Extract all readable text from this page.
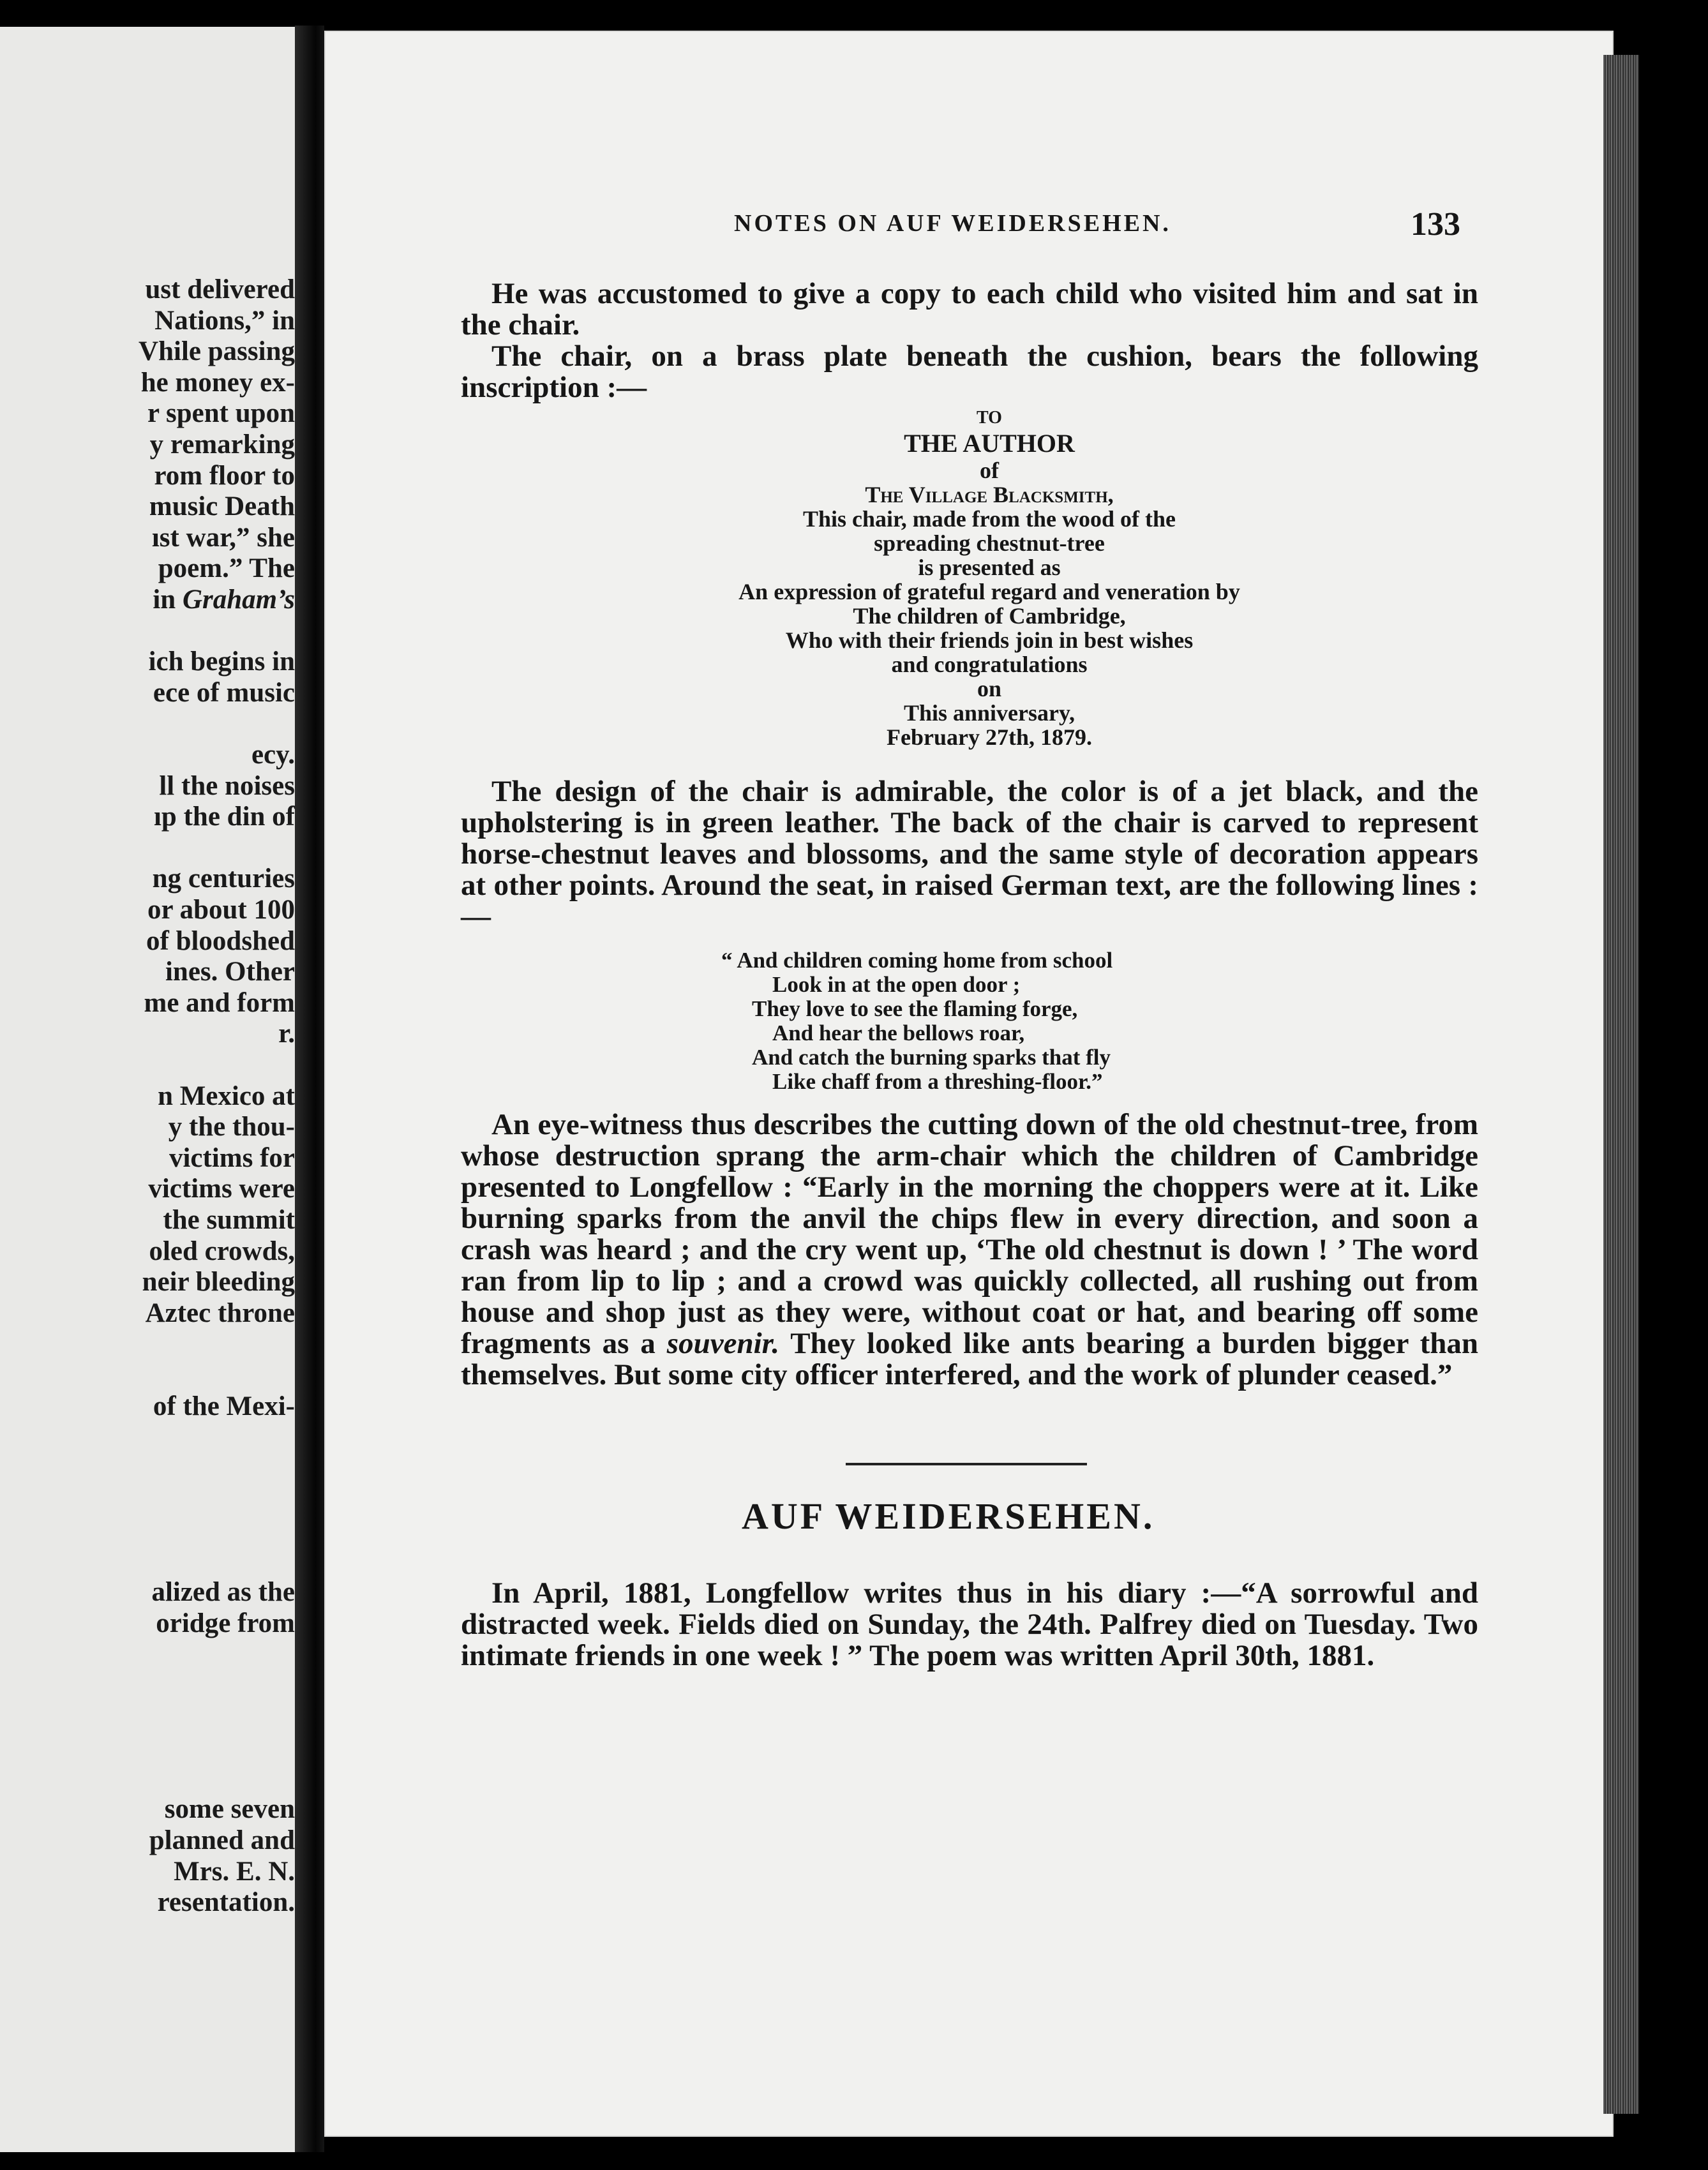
ust delivered
Nations,” in
Vhile passing
he money ex-
r spent upon
y remarking
rom floor to
music Death
ıst war,” she
poem.” The
in Graham’s
ich begins in
ece of music
ecy.
ll the noises
ıp the din of
ng centuries
or about 100
of bloodshed
ines. Other
me and form
r.
n Mexico at
y the thou-
victims for
victims were
the summit
oled crowds,
neir bleeding
Aztec throne
of the Mexi-
alized as the
oridge from
some seven
planned and
Mrs. E. N.
resentation.
NOTES ON AUF WEIDERSEHEN.	133

He was accustomed to give a copy to each child who visited him and sat in the chair.

The chair, on a brass plate beneath the cushion, bears the following inscription :—

TO
THE AUTHOR
of
The Village Blacksmith,
This chair, made from the wood of the
spreading chestnut-tree
is presented as
An expression of grateful regard and veneration by
The children of Cambridge,
Who with their friends join in best wishes
and congratulations
on
This anniversary,
February 27th, 1879.

The design of the chair is admirable, the color is of a jet black, and the upholstering is in green leather. The back of the chair is carved to represent horse-chestnut leaves and blossoms, and the same style of decoration appears at other points. Around the seat, in raised German text, are the following lines :—

“ And children coming home from school
Look in at the open door ;
They love to see the flaming forge,
And hear the bellows roar,
And catch the burning sparks that fly
Like chaff from a threshing-floor.”

An eye-witness thus describes the cutting down of the old chestnut-tree, from whose destruction sprang the arm-chair which the children of Cambridge presented to Longfellow : “Early in the morning the choppers were at it. Like burning sparks from the anvil the chips flew in every direction, and soon a crash was heard ; and the cry went up, ‘The old chestnut is down ! ’ The word ran from lip to lip ; and a crowd was quickly collected, all rushing out from house and shop just as they were, without coat or hat, and bearing off some fragments as a souvenir. They looked like ants bearing a burden bigger than themselves. But some city officer interfered, and the work of plunder ceased.”

AUF WEIDERSEHEN.

In April, 1881, Longfellow writes thus in his diary :—“A sorrowful and distracted week. Fields died on Sunday, the 24th. Palfrey died on Tuesday. Two intimate friends in one week ! ” The poem was written April 30th, 1881.
